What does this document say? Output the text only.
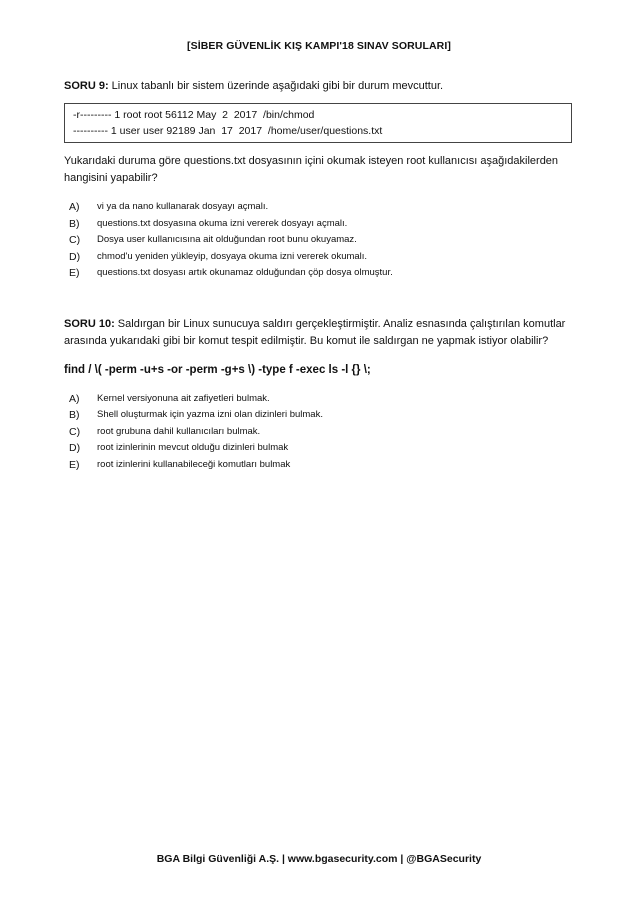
[SİBER GÜVENLİK KIŞ KAMPI'18 SINAV SORULARI]

SORU 9: Linux tabanlı bir sistem üzerinde aşağıdaki gibi bir durum mevcuttur.

-r--------- 1 root root 56112 May  2  2017  /bin/chmod
---------- 1 user user 92189 Jan  17  2017  /home/user/questions.txt

Yukarıdaki duruma göre questions.txt dosyasının içini okumak isteyen root kullanıcısı aşağıdakilerden hangisini yapabilir?

A)	vi ya da nano kullanarak dosyayı açmalı.
B)	questions.txt dosyasına okuma izni vererek dosyayı açmalı.
C)	Dosya user kullanıcısına ait olduğundan root bunu okuyamaz.
D)	chmod'u yeniden yükleyip, dosyaya okuma izni vererek okumalı.
E)	questions.txt dosyası artık okunamaz olduğundan çöp dosya olmuştur.

SORU 10: Saldırgan bir Linux sunucuya saldırı gerçekleştirmiştir. Analiz esnasında çalıştırılan komutlar arasında yukarıdaki gibi bir komut tespit edilmiştir. Bu komut ile saldırgan ne yapmak istiyor olabilir?

find / \( -perm -u+s -or -perm -g+s \) -type f -exec ls -l {} \;

A)	Kernel versiyonuna ait zafiyetleri bulmak.
B)	Shell oluşturmak için yazma izni olan dizinleri bulmak.
C)	root grubuna dahil kullanıcıları bulmak.
D)	root izinlerinin mevcut olduğu dizinleri bulmak
E)	root izinlerini kullanabileceği komutları bulmak
BGA Bilgi Güvenliği A.Ş. | www.bgasecurity.com | @BGASecurity
